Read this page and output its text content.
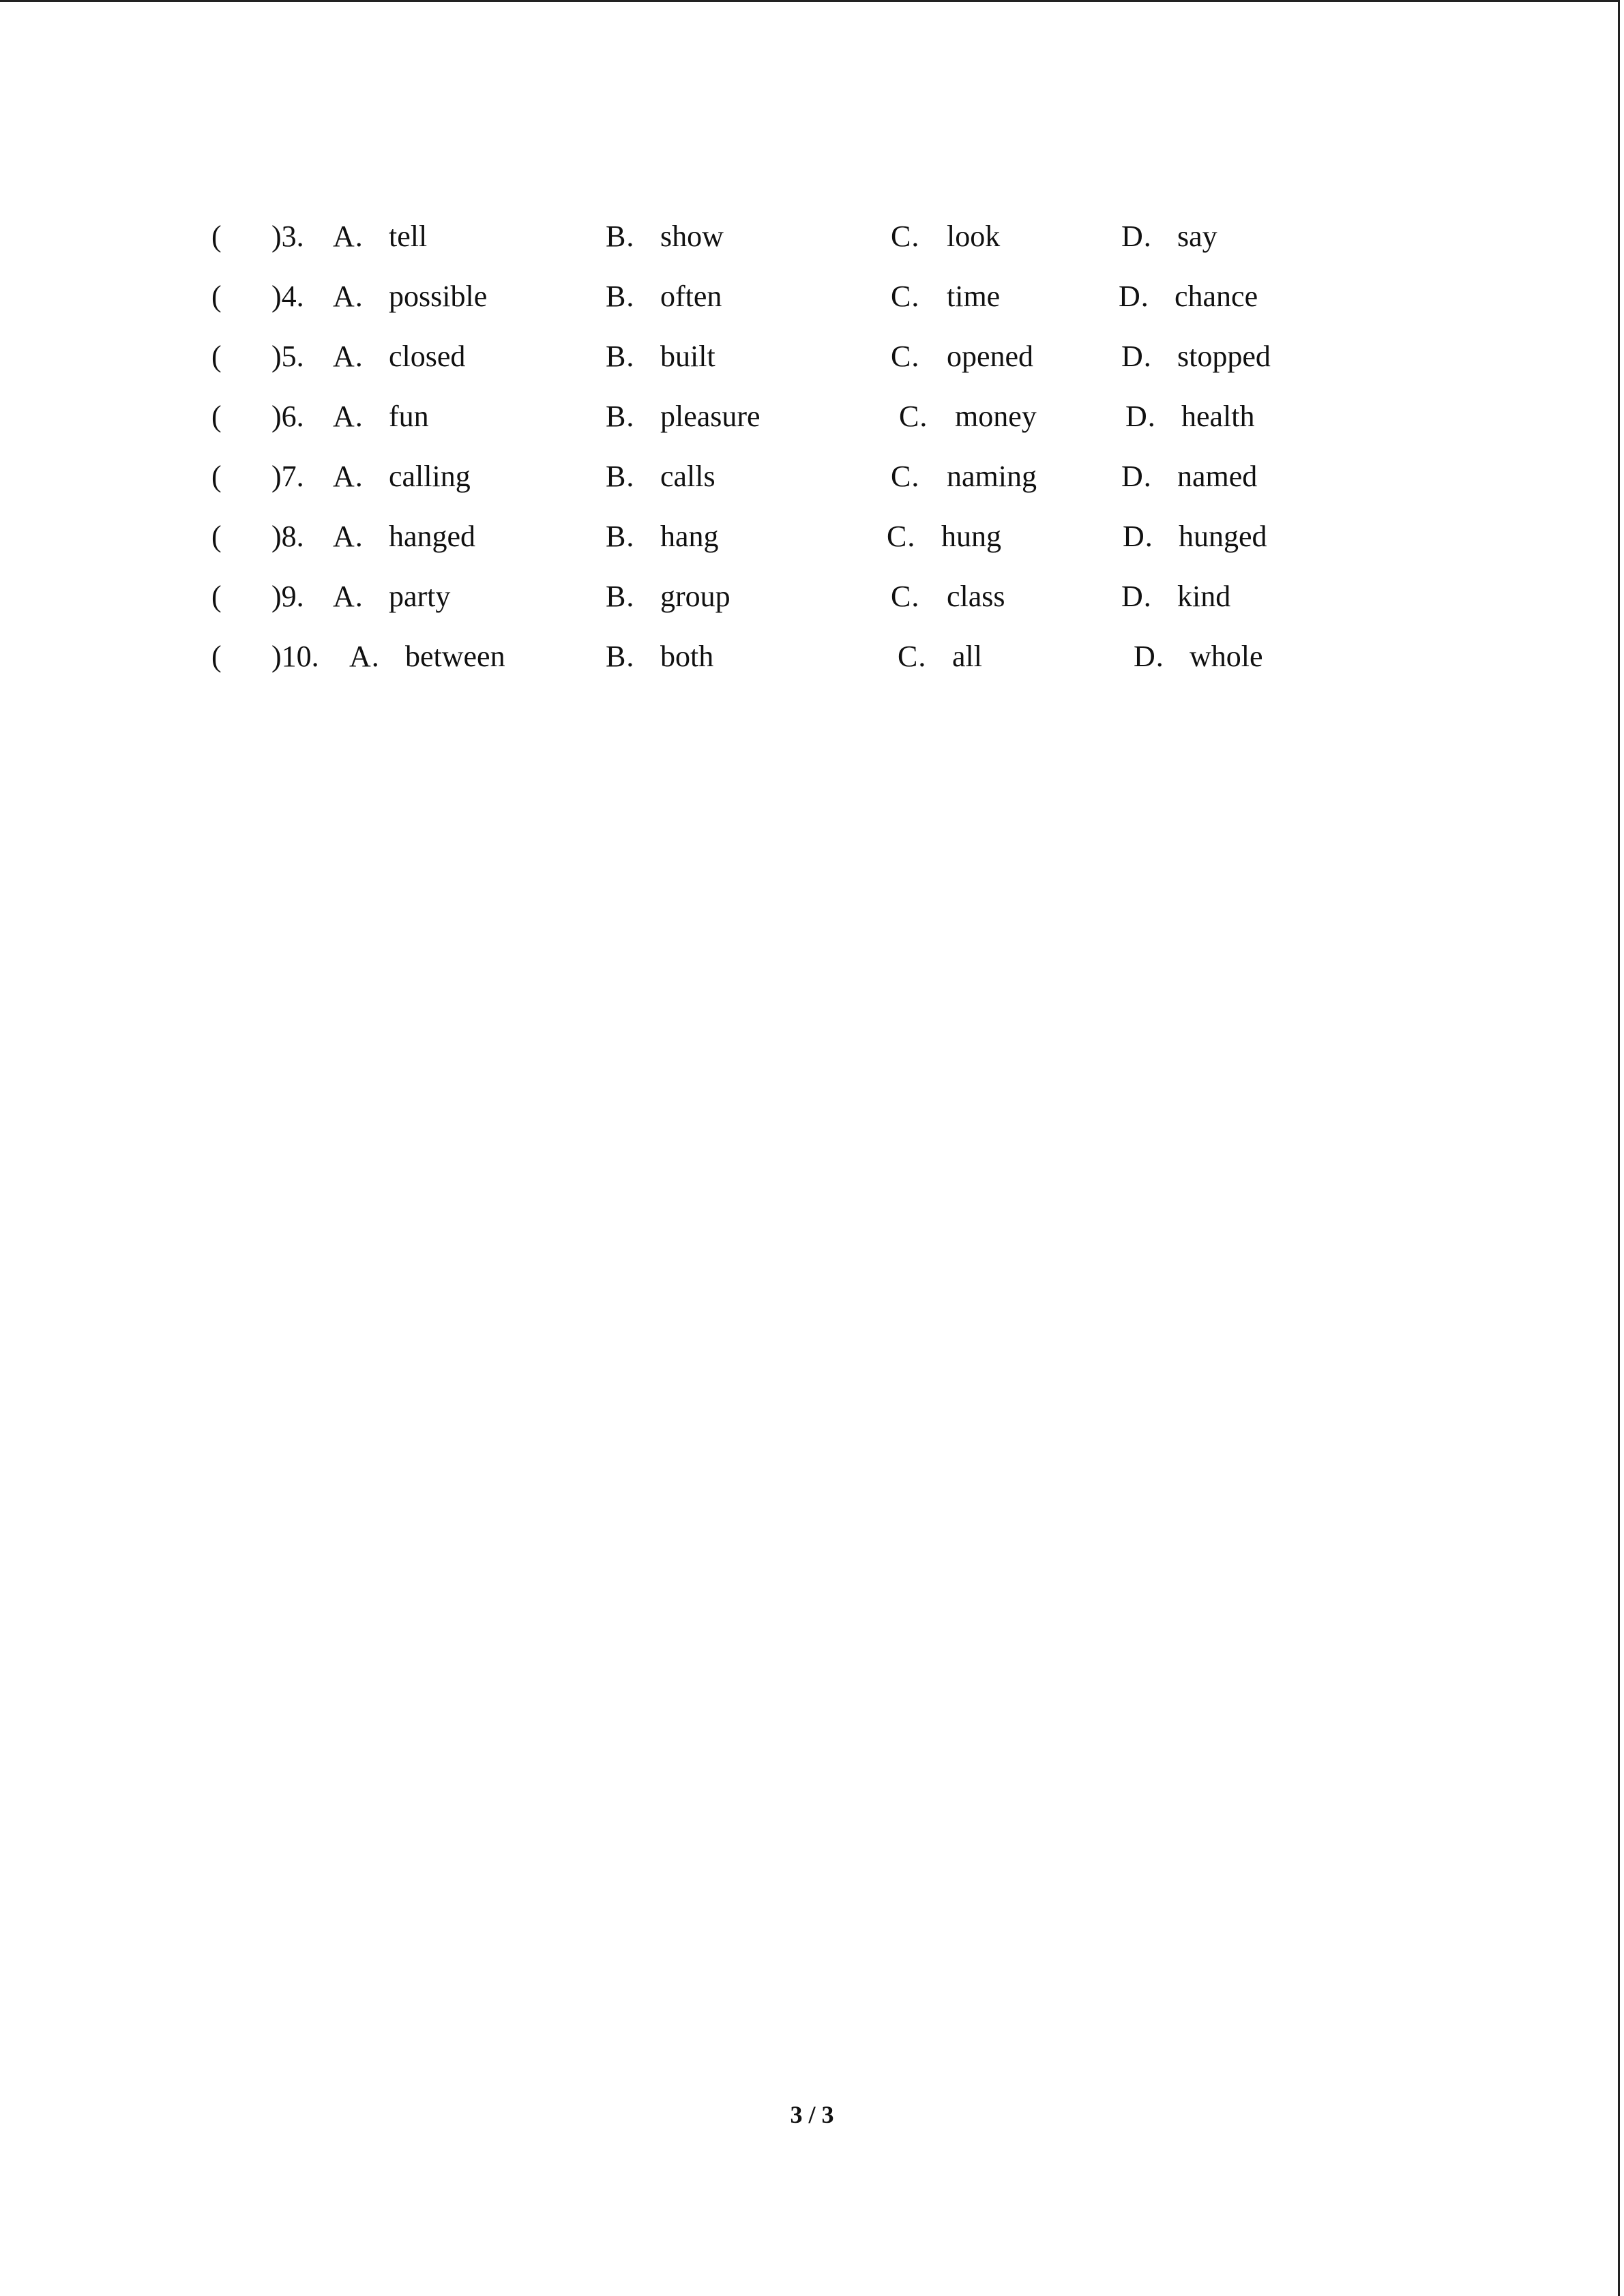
( )3. A. tell	B. show	C. look	D. say
( )4. A. possible	B. often	C. time	D. chance
( )5. A. closed	B. built	C. opened	D. stopped
( )6. A. fun	B. pleasure	C. money	D. health
( )7. A. calling	B. calls	C. naming	D. named
( )8. A. hanged	B. hang	C. hung	D. hunged
( )9. A. party	B. group	C. class	D. kind
( )10. A. between	B. both	C. all	D. whole
3 / 3
